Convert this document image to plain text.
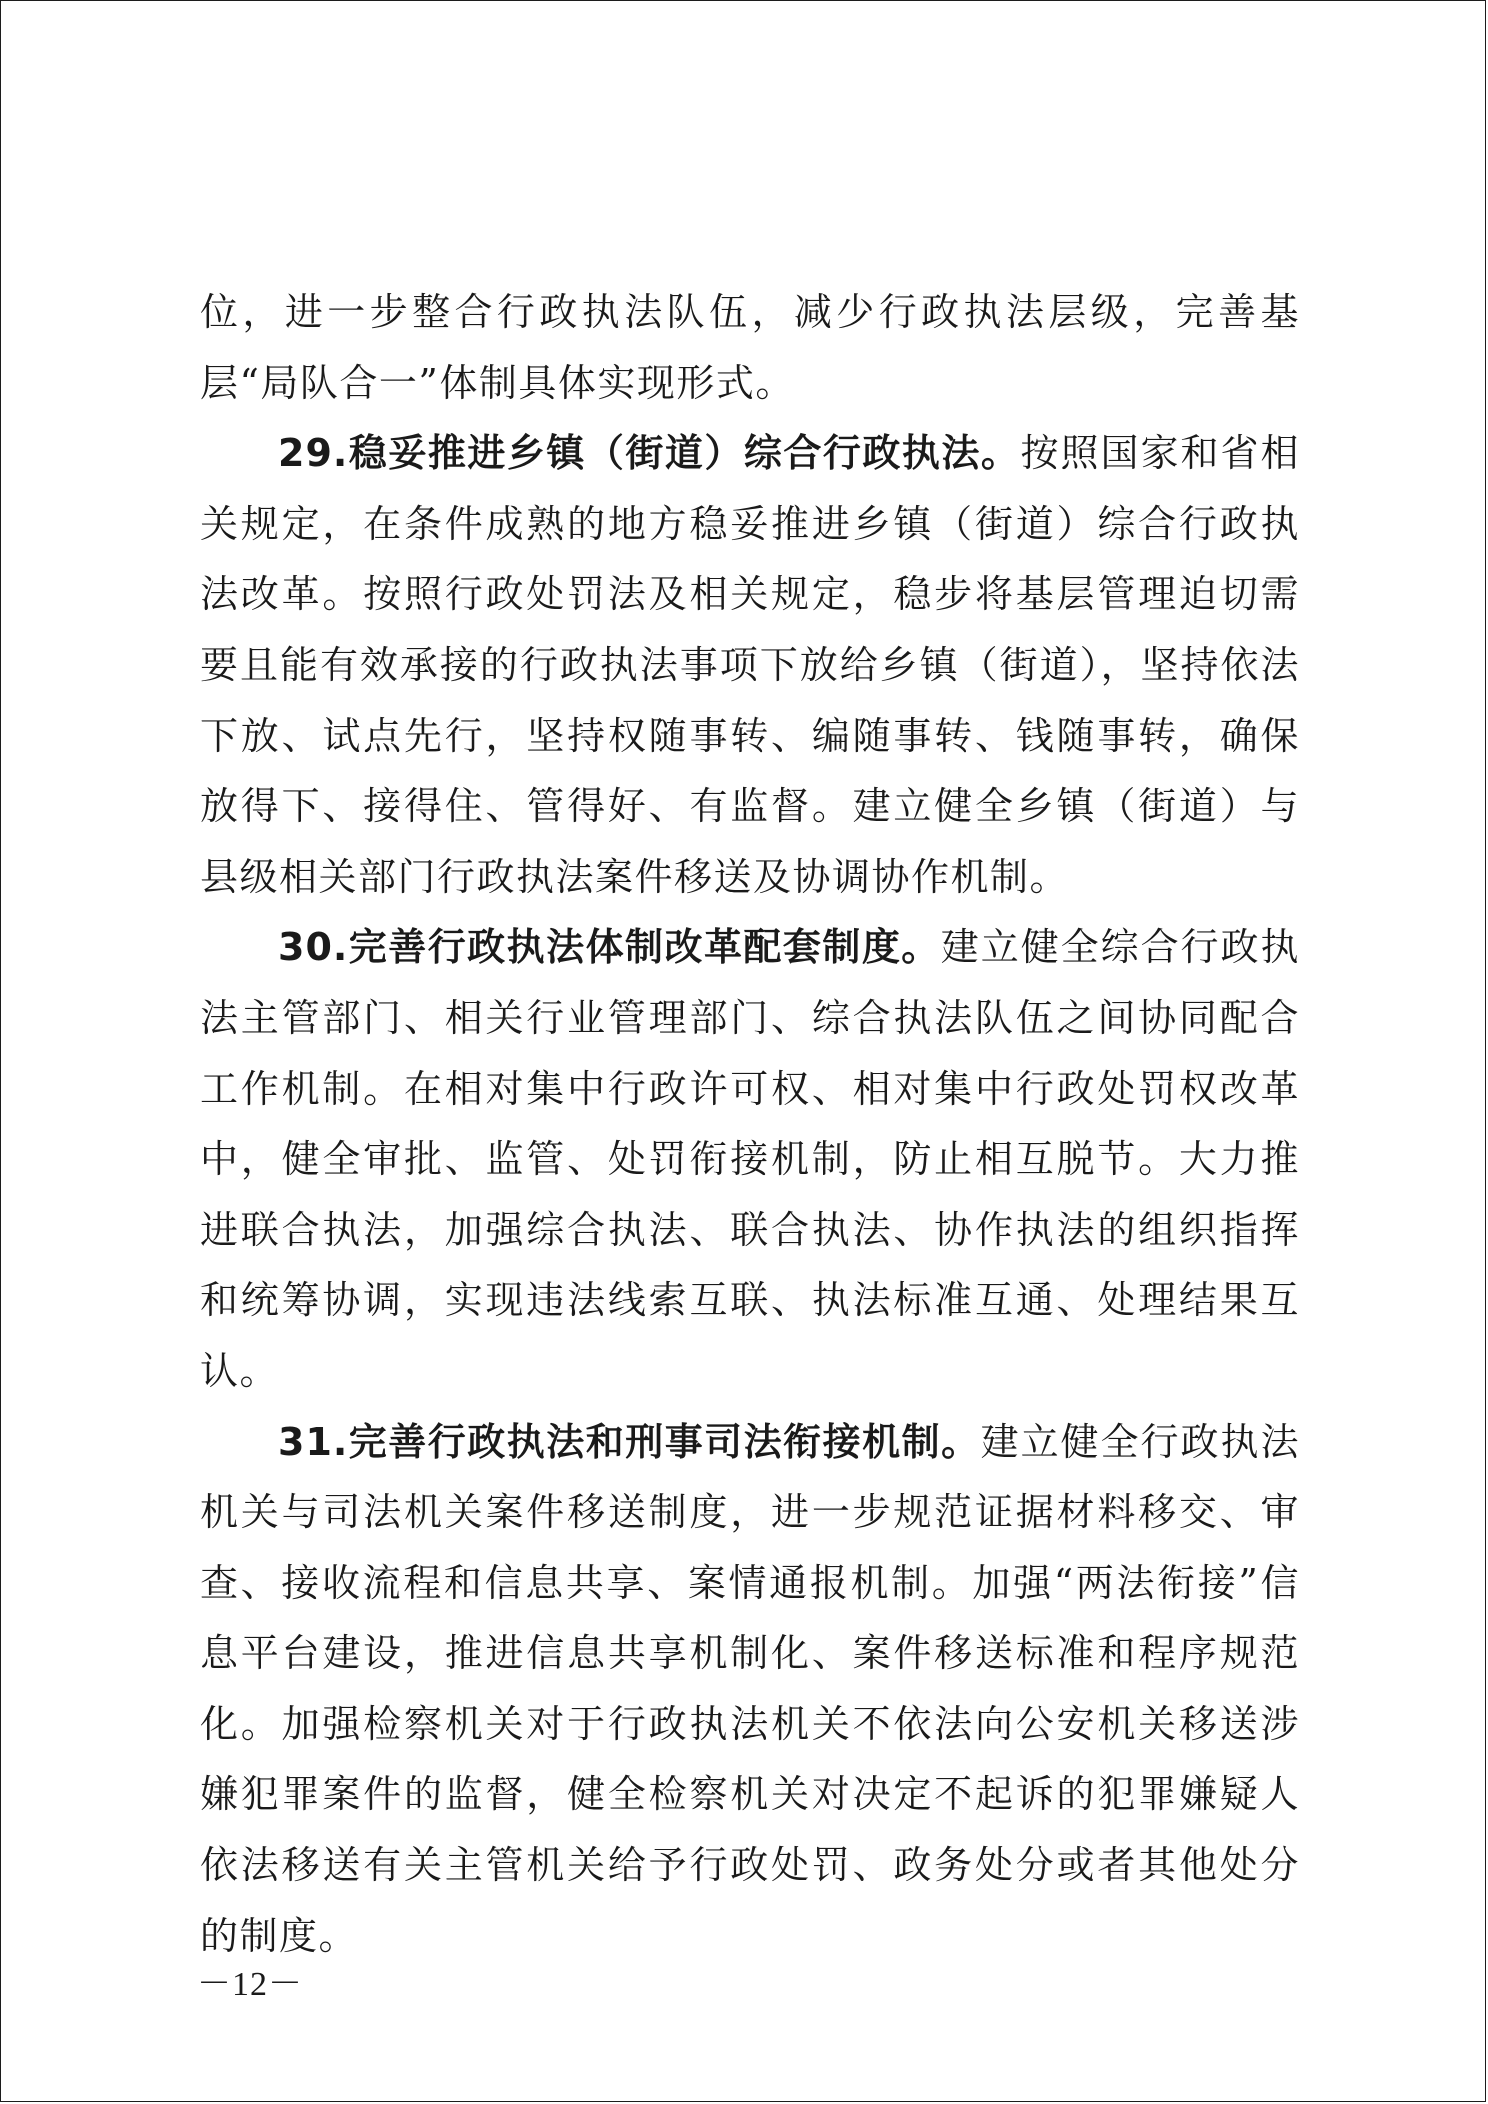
位，进一步整合行政执法队伍，减少行政执法层级，完善基层“局队合一”体制具体实现形式。

29.稳妥推进乡镇（街道）综合行政执法。按照国家和省相关规定，在条件成熟的地方稳妥推进乡镇（街道）综合行政执法改革。按照行政处罚法及相关规定，稳步将基层管理迫切需要且能有效承接的行政执法事项下放给乡镇（街道），坚持依法下放、试点先行，坚持权随事转、编随事转、钱随事转，确保放得下、接得住、管得好、有监督。建立健全乡镇（街道）与县级相关部门行政执法案件移送及协调协作机制。

30.完善行政执法体制改革配套制度。建立健全综合行政执法主管部门、相关行业管理部门、综合执法队伍之间协同配合工作机制。在相对集中行政许可权、相对集中行政处罚权改革中，健全审批、监管、处罚衔接机制，防止相互脱节。大力推进联合执法，加强综合执法、联合执法、协作执法的组织指挥和统筹协调，实现违法线索互联、执法标准互通、处理结果互认。

31.完善行政执法和刑事司法衔接机制。建立健全行政执法机关与司法机关案件移送制度，进一步规范证据材料移交、审查、接收流程和信息共享、案情通报机制。加强“两法衔接”信息平台建设，推进信息共享机制化、案件移送标准和程序规范化。加强检察机关对于行政执法机关不依法向公安机关移送涉嫌犯罪案件的监督，健全检察机关对决定不起诉的犯罪嫌疑人依法移送有关主管机关给予行政处罚、政务处分或者其他处分的制度。

－12－
